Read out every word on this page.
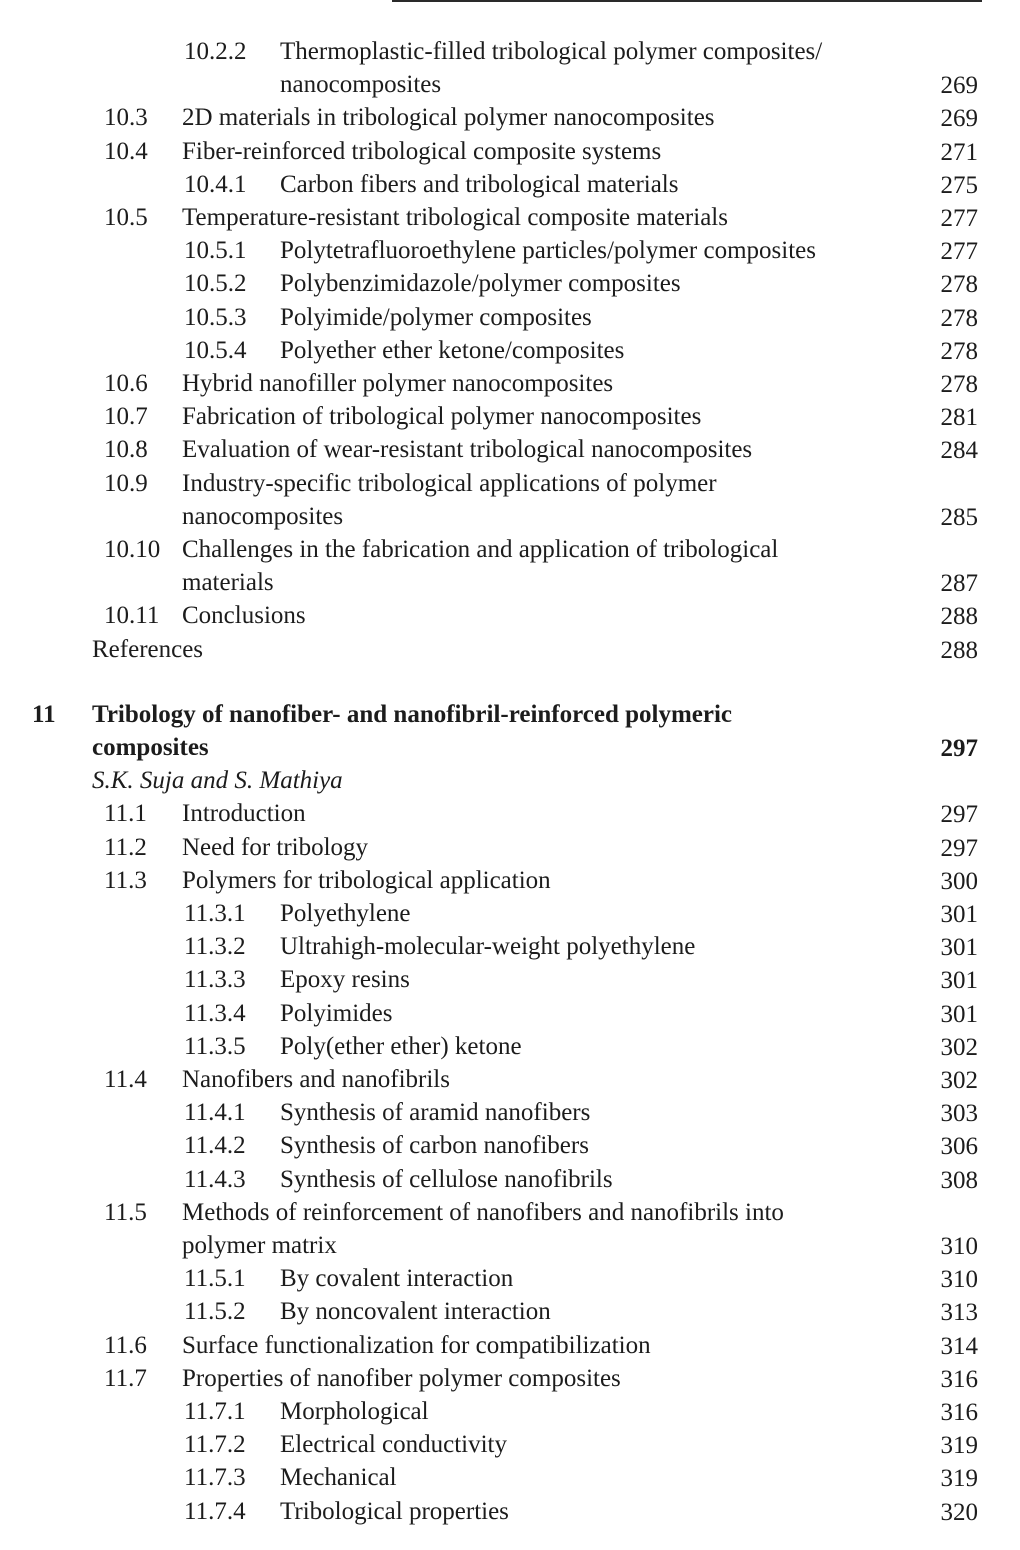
10.2.2 Thermoplastic-filled tribological polymer composites/
nanocomposites	269
10.3 2D materials in tribological polymer nanocomposites	269
10.4 Fiber-reinforced tribological composite systems	271
10.4.1 Carbon fibers and tribological materials	275
10.5 Temperature-resistant tribological composite materials	277
10.5.1 Polytetrafluoroethylene particles/polymer composites	277
10.5.2 Polybenzimidazole/polymer composites	278
10.5.3 Polyimide/polymer composites	278
10.5.4 Polyether ether ketone/composites	278
10.6 Hybrid nanofiller polymer nanocomposites	278
10.7 Fabrication of tribological polymer nanocomposites	281
10.8 Evaluation of wear-resistant tribological nanocomposites	284
10.9 Industry-specific tribological applications of polymer
nanocomposites	285
10.10 Challenges in the fabrication and application of tribological
materials	287
10.11 Conclusions	288
References	288
11 Tribology of nanofiber- and nanofibril-reinforced polymeric
composites	297
S.K. Suja and S. Mathiya
11.1 Introduction	297
11.2 Need for tribology	297
11.3 Polymers for tribological application	300
11.3.1 Polyethylene	301
11.3.2 Ultrahigh-molecular-weight polyethylene	301
11.3.3 Epoxy resins	301
11.3.4 Polyimides	301
11.3.5 Poly(ether ether) ketone	302
11.4 Nanofibers and nanofibrils	302
11.4.1 Synthesis of aramid nanofibers	303
11.4.2 Synthesis of carbon nanofibers	306
11.4.3 Synthesis of cellulose nanofibrils	308
11.5 Methods of reinforcement of nanofibers and nanofibrils into
polymer matrix	310
11.5.1 By covalent interaction	310
11.5.2 By noncovalent interaction	313
11.6 Surface functionalization for compatibilization	314
11.7 Properties of nanofiber polymer composites	316
11.7.1 Morphological	316
11.7.2 Electrical conductivity	319
11.7.3 Mechanical	319
11.7.4 Tribological properties	320
